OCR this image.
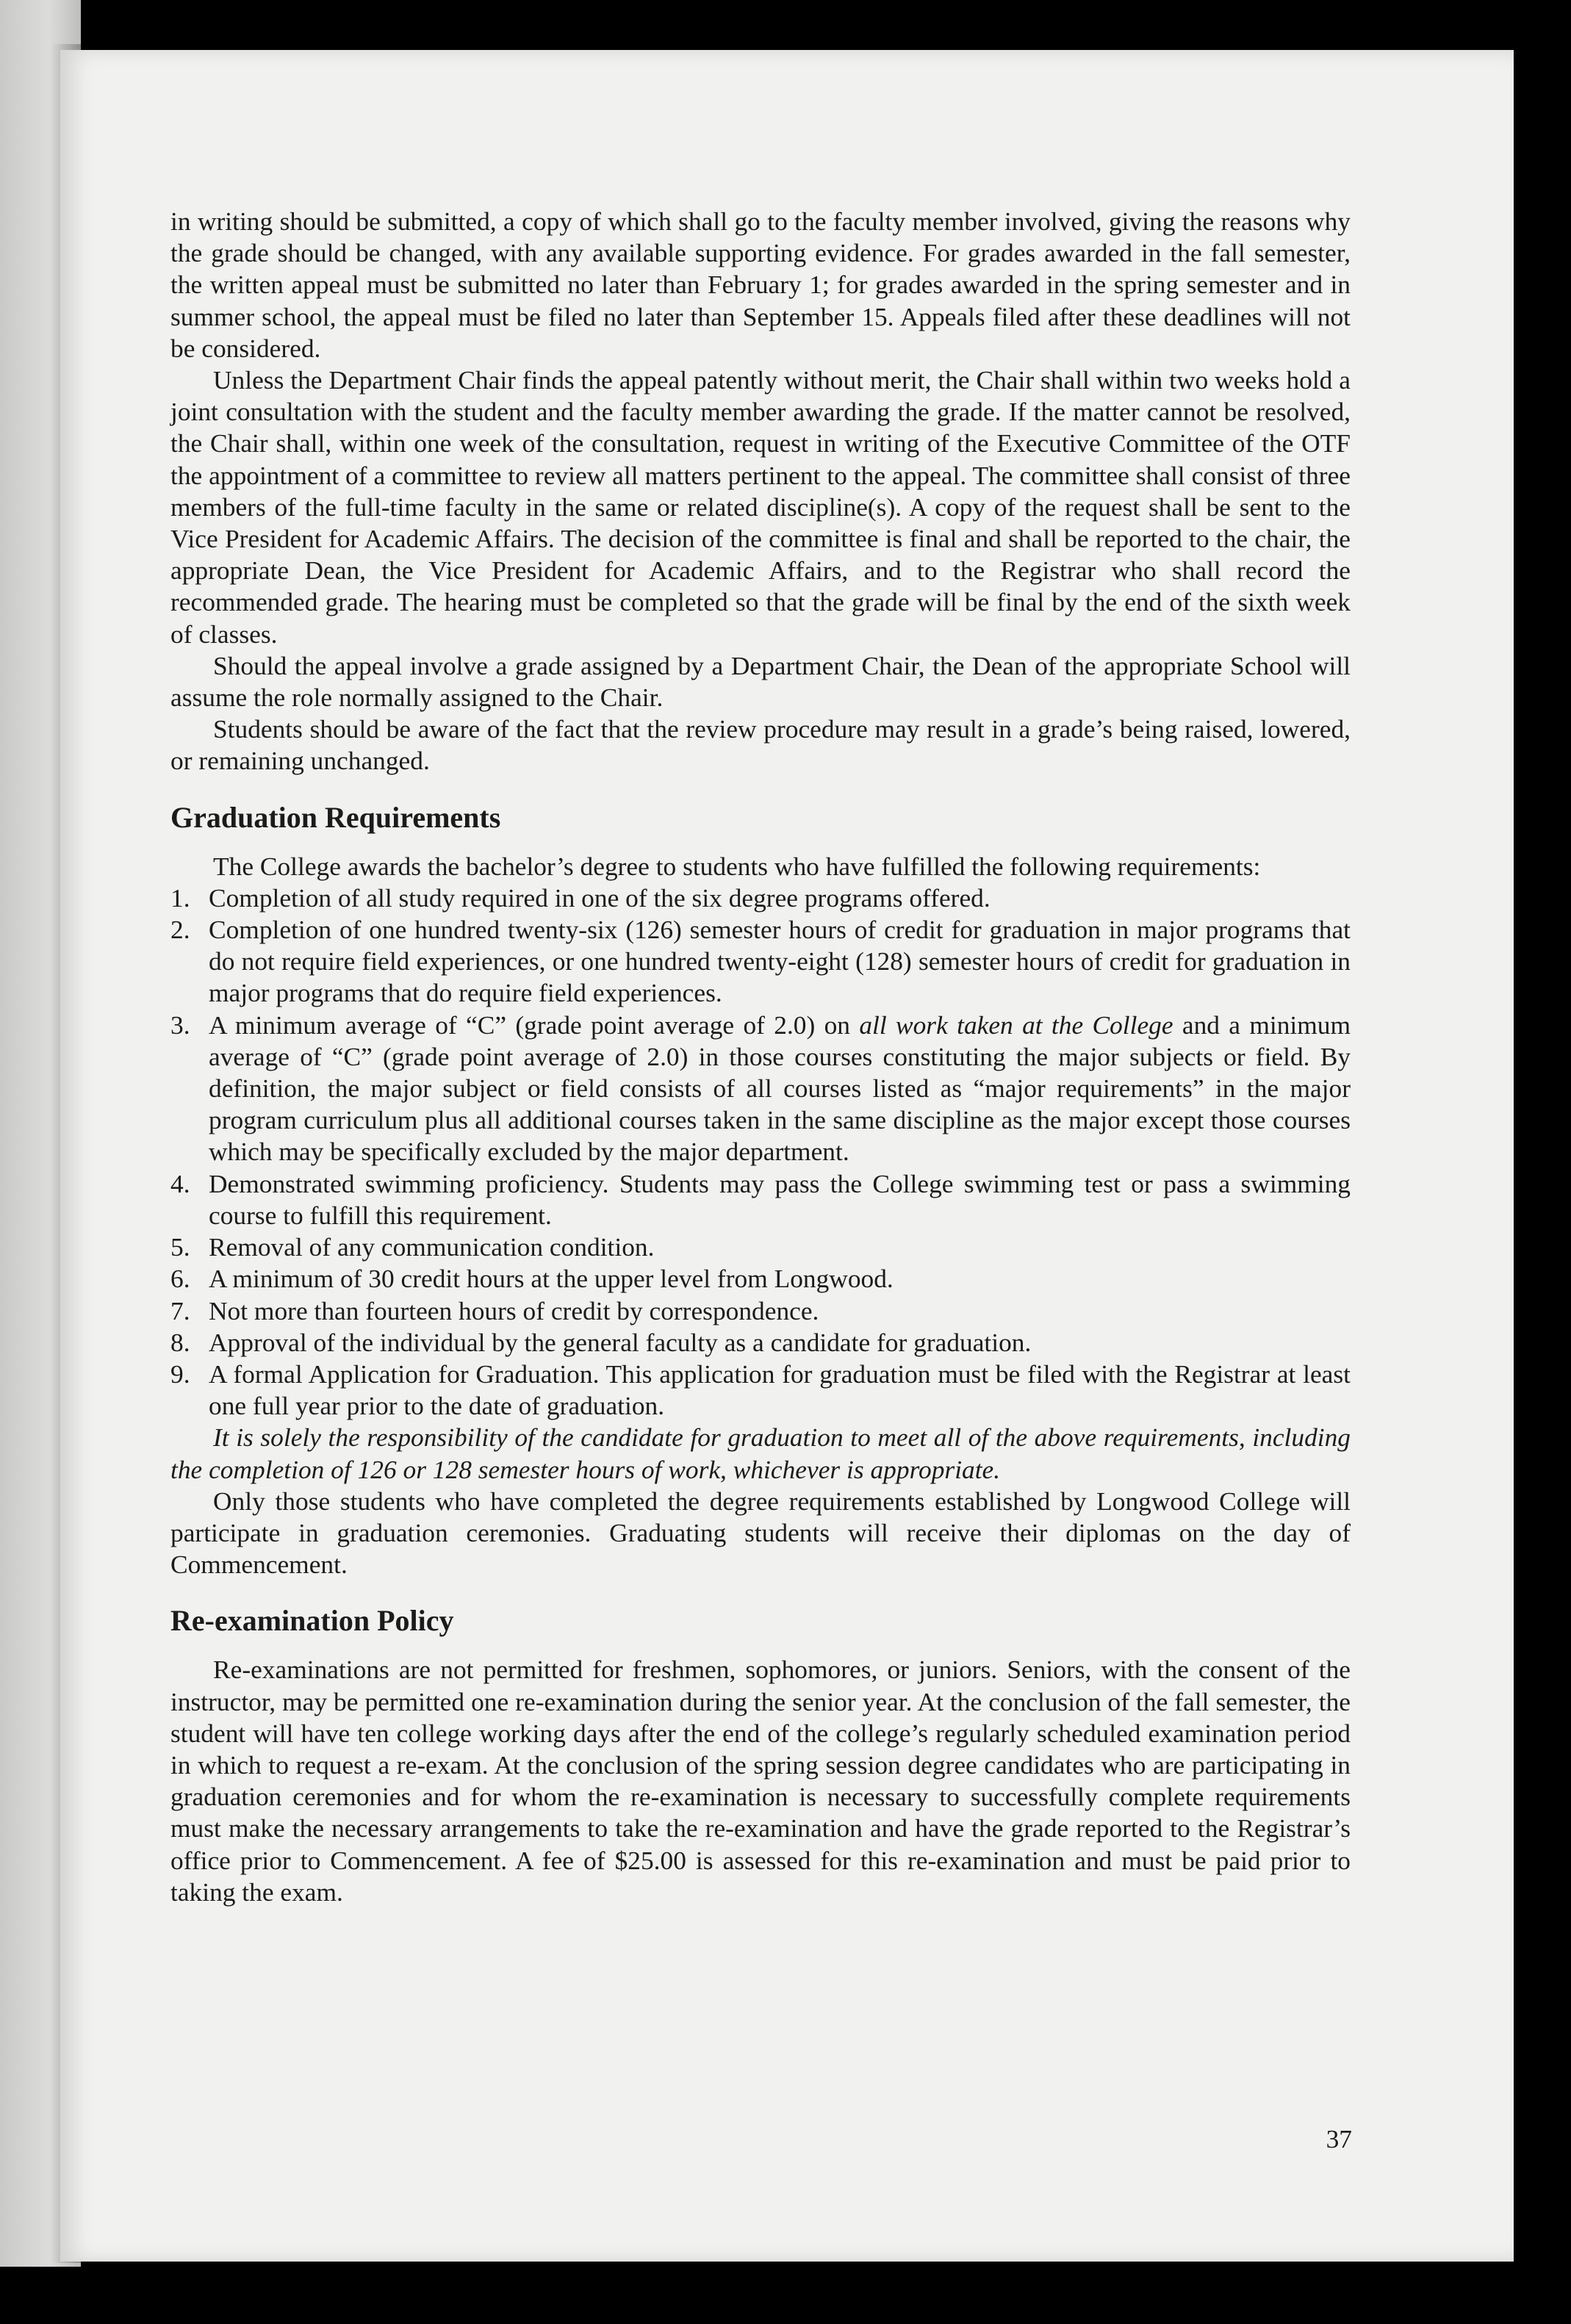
in writing should be submitted, a copy of which shall go to the faculty member involved, giving the reasons why the grade should be changed, with any available supporting evidence. For grades awarded in the fall semester, the written appeal must be submitted no later than February 1; for grades awarded in the spring semester and in summer school, the appeal must be filed no later than September 15. Appeals filed after these deadlines will not be considered.

Unless the Department Chair finds the appeal patently without merit, the Chair shall within two weeks hold a joint consultation with the student and the faculty member awarding the grade. If the matter cannot be resolved, the Chair shall, within one week of the consultation, request in writing of the Executive Committee of the OTF the appointment of a committee to review all matters pertinent to the appeal. The committee shall consist of three members of the full-time faculty in the same or related discipline(s). A copy of the request shall be sent to the Vice President for Academic Affairs. The decision of the committee is final and shall be reported to the chair, the appropriate Dean, the Vice President for Academic Affairs, and to the Registrar who shall record the recommended grade. The hearing must be completed so that the grade will be final by the end of the sixth week of classes.

Should the appeal involve a grade assigned by a Department Chair, the Dean of the appropriate School will assume the role normally assigned to the Chair.

Students should be aware of the fact that the review procedure may result in a grade’s being raised, lowered, or remaining unchanged.

Graduation Requirements

The College awards the bachelor’s degree to students who have fulfilled the following requirements:

1. Completion of all study required in one of the six degree programs offered.
2. Completion of one hundred twenty-six (126) semester hours of credit for graduation in major programs that do not require field experiences, or one hundred twenty-eight (128) semester hours of credit for graduation in major programs that do require field experiences.
3. A minimum average of “C” (grade point average of 2.0) on all work taken at the College and a minimum average of “C” (grade point average of 2.0) in those courses constituting the major subjects or field. By definition, the major subject or field consists of all courses listed as “major requirements” in the major program curriculum plus all additional courses taken in the same discipline as the major except those courses which may be specifically excluded by the major department.
4. Demonstrated swimming proficiency. Students may pass the College swimming test or pass a swimming course to fulfill this requirement.
5. Removal of any communication condition.
6. A minimum of 30 credit hours at the upper level from Longwood.
7. Not more than fourteen hours of credit by correspondence.
8. Approval of the individual by the general faculty as a candidate for graduation.
9. A formal Application for Graduation. This application for graduation must be filed with the Registrar at least one full year prior to the date of graduation.

It is solely the responsibility of the candidate for graduation to meet all of the above requirements, including the completion of 126 or 128 semester hours of work, whichever is appropriate.

Only those students who have completed the degree requirements established by Longwood College will participate in graduation ceremonies. Graduating students will receive their diplomas on the day of Commencement.

Re-examination Policy

Re-examinations are not permitted for freshmen, sophomores, or juniors. Seniors, with the consent of the instructor, may be permitted one re-examination during the senior year. At the conclusion of the fall semester, the student will have ten college working days after the end of the college’s regularly scheduled examination period in which to request a re-exam. At the conclusion of the spring session degree candidates who are participating in graduation ceremonies and for whom the re-examination is necessary to successfully complete requirements must make the necessary arrangements to take the re-examination and have the grade reported to the Registrar’s office prior to Commencement. A fee of $25.00 is assessed for this re-examination and must be paid prior to taking the exam.

37
